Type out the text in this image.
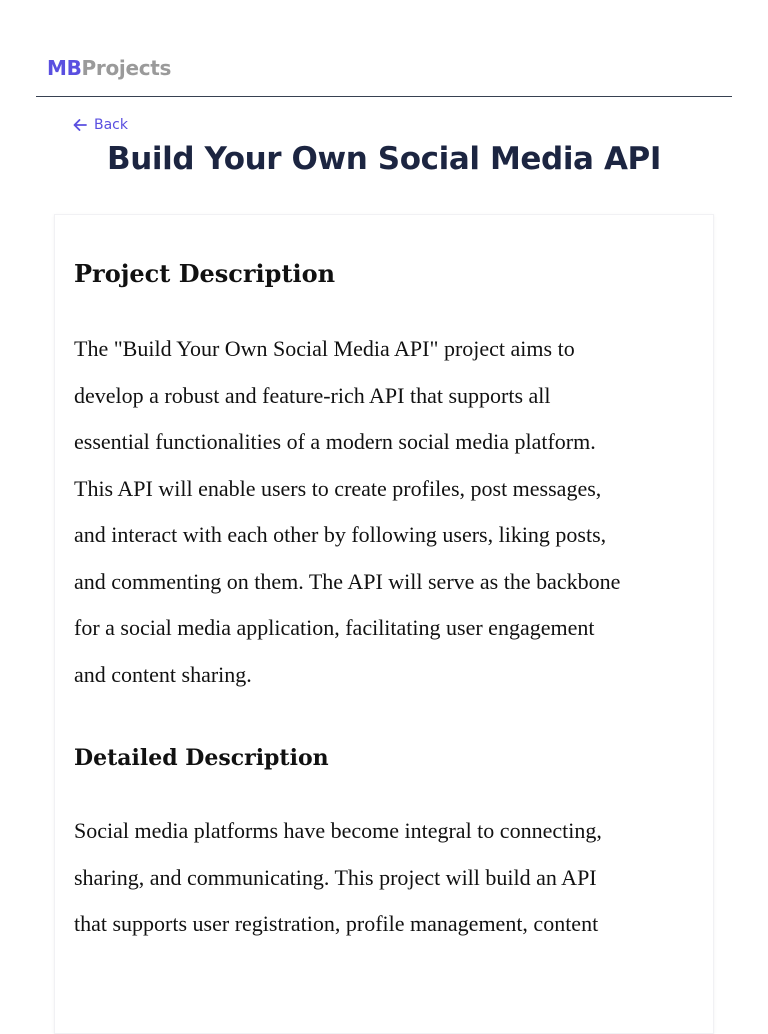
MBProjects
Back
Build Your Own Social Media API
Project Description
The "Build Your Own Social Media API" project aims to
develop a robust and feature-rich API that supports all
essential functionalities of a modern social media platform.
This API will enable users to create profiles, post messages,
and interact with each other by following users, liking posts,
and commenting on them. The API will serve as the backbone
for a social media application, facilitating user engagement
and content sharing.
Detailed Description
Social media platforms have become integral to connecting,
sharing, and communicating. This project will build an API
that supports user registration, profile management, content
